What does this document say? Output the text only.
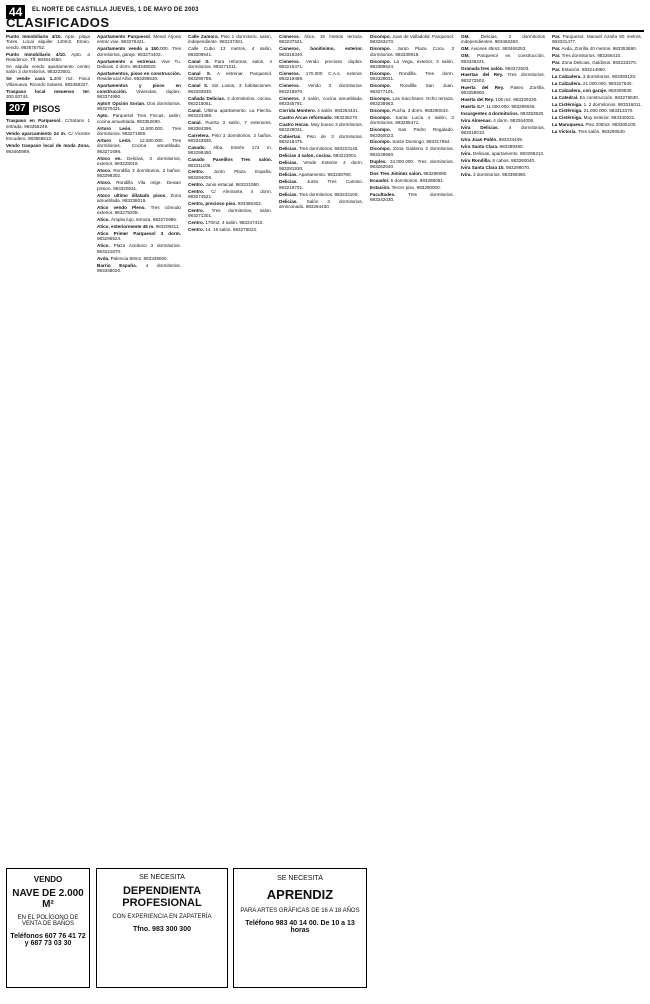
44	EL NORTE DE CASTILLA JUEVES, 1 DE MAYO DE 2003
CLASIFICADOS

Punto Inmobiliario 4/10. Apto. playa Tores. Local alquiler 140m2. Emeo. vendo. 983676752.

Punto Inmobiliario 4/10. Apto. a Residence. Tlf. 983644550.

Se alquila vendo apartamento centro salón 2 dormitorios. 983223001.

Se vende casa 1.300 m2. Finca Villanueva. Ricardo Solares. 983459327.

Traspaso local meuenso ter. 300.93744.

207 PISOS

Traspaso en Parquesol. C/Sotano 1 entrada. 983355249.

Vendo aparcamiento 24 m. C/ Vicente Escudero. 983658813.

Vendo traspaso local de moda Zona. 983460869.

Apartamento Parquesol. Mesal Arjona entrar vive. 983276421.

Apartamento vendo a 150.000. Tres dormitorios, garaje. 983274403.

Apartamento a estrenar. Vive Tu. Delicias. 2 dorm. 983348020.

Apartamentos, pisos en construcción. Residencial Arbo. 983295530.

Apartamentos y pisos en construcción. Viviendas, duplex. 983374990.

Apto!! Opción Sorian. Dos dormitorios. 983270431.

Apto. Parquesol Tres Fincas, salón, cocina amueblada. 983352690.

Arturo León. 11.500.000. Tres dormitorios. 983271980.

Arturo León. 12.500.000. Tres dormitorios. Cocina amueblada. 983271698.

Atoco en. Delicias, 3 dormitorios, exterior. 983228019.

Atoco. Rondilla 3 dormitorios, 2 baños. 983298302.

Atoco. Rondilla Vila orige. Deixan prision. 983320931.

Atoco ultimo dilatado pisos. Zona amueblada. 983338019.

Atico vendo Pleno. Tres cómodo exterior. 983279208.

Atico. Ámplia lujo, terraza. 983272986.

Atico, exteriormente 45 m. 983209311.

Atico Primer Parquesol 3 dorm. 983295524.

Atico. Plaza Aceituno 3 dormitorios. 983221870.

Avda. Palencia 90m2. 983339000.

Barrio España. 4 dormitorios. 983348020.

Calle Zamora. Piso 1 dormitorio, salon, independiente. 983237481.

Calle Cubo 13 metros, 4 salón, 983209541.

Canal S. Para reformar, salon, 4 dormitorios. 983271011.

Canal S. A estrenar. Parquesol. 983290788.

Canal S. Sin Lusos, 3 habitaciones. 983283830.

Cañada Delicias. 3 dormitorios, cocina. 983215061.

Canal. Última apartamento. La Flecha. 983223498.

Canal. Puerta 3 salón, 7 exteriores. 983384396.

Carretera. Piso 3 dormitorios, 2 baños. 983343930.

Casado. Alba. Estrén 174 m. 983298490.

Casado Paseillos Tres salón. 983311106.

Centro. Junto Plaza España. 983294006.

Centro. Junio estacial. 983221560.

Centro. C/ Almirante, 4 dorm. 983274521.

Centro, precioso piso. 983386302.

Centro. Tres dormitorios, salon. 983271301.

Centro. 170m2. 4 salón. 983247410.

Centro. 14. 15 salón. 983276823.

Cisneros. Ático, 15 metros terraza. 983237521.

Cisneros, bonitisimo, exterior. 983318340.

Cisneros. Vendo precioso duplex. 983215471.

Cisneros. 170.000 C.A.s. exterior. 983219488.

Cisneros. Vendo 3 dormitorios. 983218970.

Cisneros. 3 salón, cocina amueblada. 983345791.

Corrida Montero. 4 salón. 983254431.

Cuatro Arcas reformado. 983236270.

Cuatro Horas. Muy bueno 3 dormitorios. 983228031.

Cubiertas. Piso de 3 dormitorios. 983218475.

Delicias. Tres dormitorios. 983223145.

Delicias 4 salon, cocina. 983223001.

Delicias. Vende Exterior 4 dorm. 983281930.

Delicias. Apartamento. 983239780.

Delicias. Junto Tres Camino. 983219701.

Delicias. Tres dormitorios. 983243100.

Delicias. Salón 3 dormitorios, arrinconado. 983284430.

Dicompo. Juan de Valladolid. Parquesol. 983263270.

Dicompo. Junto Plaza Coca. 3 dormitorios. 983339918.

Dicompo. La Vega, exterior, 3 salón. 983389524.

Dicompo. Rondilla. Tres dorm. 983328031.

Dicompo. Rondilla San Juan. 983277101.

Dicompo. Las Sacchaner. Ocho terraza. 983238963.

Dicompo. Pucha. 3 dorm. 983290043.

Dicompo. Santa Lucía 4 salón, 3 dormitorios. 983285471.

Dicompo. San Pedro Regalado. 983350023.

Dicompo. Santo Domingo. 983317654.

Dicompo. Zona Galdeno 3 dormitorios. 983248560.

Duplex. 24.000.000. Tres dormitorios. 983262040.

Dos Tres Jiminez salon. 983298080.

Ecuador. 5 dormitorios. 983288081.

Estación. Tercer piso. 983290000.

Facultades. Tres dormitorios. 983342030.

GM. Delicias. 2 dormitorios independientes. 983466363.

GM. Aviones 45m2. 983466253.

GM. Parquesol en construcción. 983346221.

Granada tres salón. 983272503.

Huertas del Rey. Tres dormitorios. 983272502.

Huerta del Rey. Paseo Zorrilla. 983358900.

Huerta del Rey. 105 m2. 983329230.

Huerta S.P. 11.000.000. 983289045.

Insurgentes 4 dormitorios. 983353920.

Ivira Almenas. 4 dorm. 983264006.

Ivira Delicias. 4 dormitorios. 983318010.

Ivira Juan Pablo. 983234449.

Ivira Santa Clara. 983399380.

Ivira. Delicias, apartamento. 983286213.

Ivira Rondilla. 8 cabos. 983260040.

Ivira Santa Clara 10. 983298070.

Ivira. 3 dormitorios. 983399380.

Par. Parquesol. Manuel Azaña 90 metros. 983331477.

Par. Avda. Zorrilla 40 metros. 983353690.

Par. Tres dormitorios. 983266410.

Par. Zona Delicias, Galdinos. 983233370.

Par. Estación. 983214860.

La Calzadera. 3 dormitorios. 983393120.

La Calzadera. 21.000.000. 983327640.

La Calzadera, con garaje. 983309530.

La Catedral. En construcción. 983276530.

La Cistérniga. 1. 2 dormitorios. 983316011.

La Cistérniga. 21.000.000. 983313370.

La Cistérniga. Muy exterior. 983340021.

La Maruquesa. Piso 200m2. 983305100.

La Victoria. Tres salón. 983290540.

VENDO
NAVE DE 2.000 M²
EN EL POLÍGONO DE VENTA DE BAÑOS
Teléfonos 607 76 41 72 y 687 73 03 30
SE NECESITA
DEPENDIENTA PROFESIONAL
CON EXPERIENCIA EN ZAPATERÍA
Tfno. 983 300 300
SE NECESITA
APRENDIZ
PARA ARTES GRÁFICAS DE 16 A 18 AÑOS
Teléfono 983 40 14 00. De 10 a 13 horas
